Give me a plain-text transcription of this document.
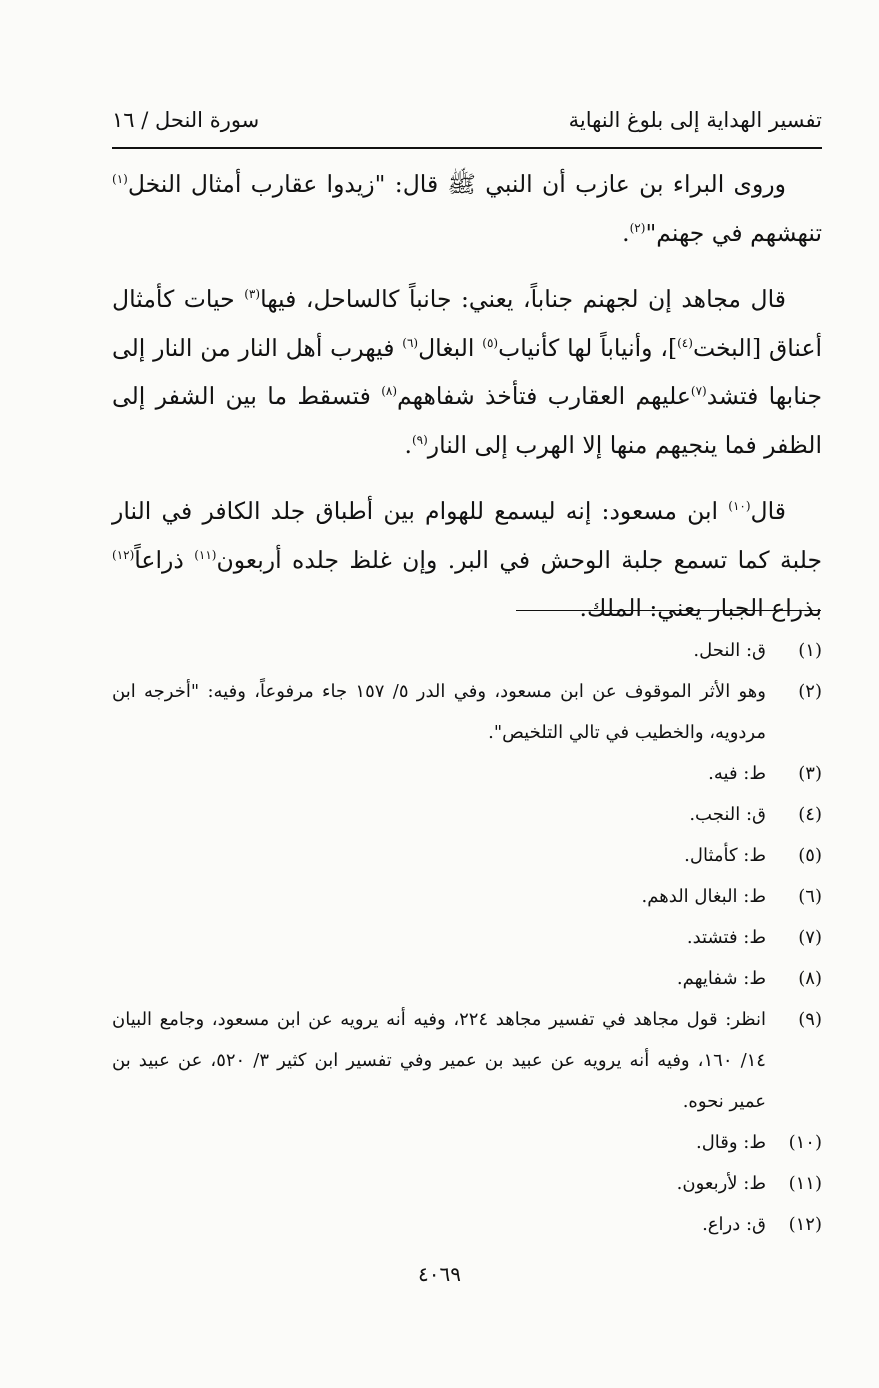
تفسير الهداية إلى بلوغ النهاية
سورة النحل / ١٦

وروى البراء بن عازب أن النبي ﷺ قال: "زيدوا عقارب أمثال النخل$^{(١)}$ تنهشهم في جهنم"$^{(٢)}$.

قال مجاهد إن لجهنم جناباً، يعني: جانباً كالساحل، فيها$^{(٣)}$ حيات كأمثال أعناق [البخت$^{(٤)}$]، وأنياباً لها كأنياب$^{(٥)}$ البغال$^{(٦)}$ فيهرب أهل النار من النار إلى جنابها فتشد$^{(٧)}$عليهم العقارب فتأخذ شفاههم$^{(٨)}$ فتسقط ما بين الشفر إلى الظفر فما ينجيهم منها إلا الهرب إلى النار$^{(٩)}$.

قال$^{(١٠)}$ ابن مسعود: إنه ليسمع للهوام بين أطباق جلد الكافر في النار جلبة كما تسمع جلبة الوحش في البر. وإن غلظ جلده أربعون$^{(١١)}$ ذراعاً$^{(١٢)}$ بذراع الجبار يعني: الملك.

(١)
ق: النحل.
(٢)
وهو الأثر الموقوف عن ابن مسعود، وفي الدر ٥/ ١٥٧ جاء مرفوعاً، وفيه: "أخرجه ابن مردويه، والخطيب في تالي التلخيص".
(٣)
ط: فيه.
(٤)
ق: النجب.
(٥)
ط: كأمثال.
(٦)
ط: البغال الدهم.
(٧)
ط: فتشتد.
(٨)
ط: شفايهم.
(٩)
انظر: قول مجاهد في تفسير مجاهد ٢٢٤، وفيه أنه يرويه عن ابن مسعود، وجامع البيان ١٤/ ١٦٠، وفيه أنه يرويه عن عبيد بن عمير وفي تفسير ابن كثير ٣/ ٥٢٠، عن عبيد بن عمير نحوه.
(١٠)
ط: وقال.
(١١)
ط: لأربعون.
(١٢)
ق: دراع.
٤٠٦٩
